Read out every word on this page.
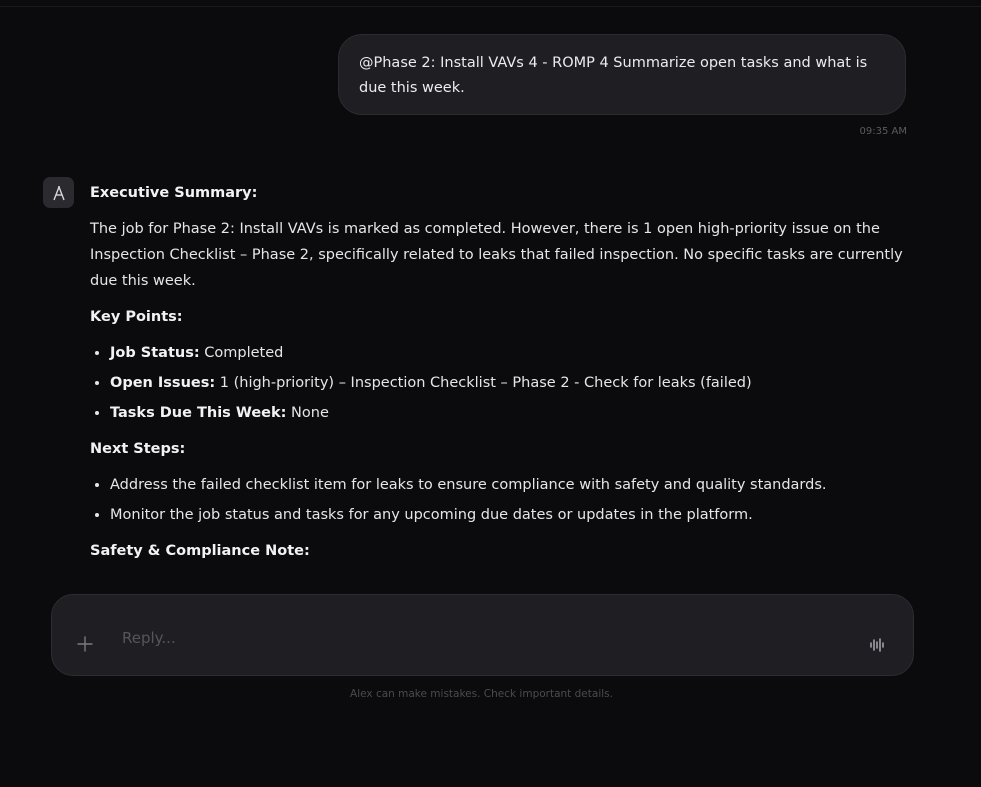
@Phase 2: Install VAVs 4 - ROMP 4 Summarize open tasks and what is due this week.
09:35 AM
Executive Summary:
The job for Phase 2: Install VAVs is marked as completed. However, there is 1 open high-priority issue on the Inspection Checklist – Phase 2, specifically related to leaks that failed inspection. No specific tasks are currently due this week.
Key Points:
• Job Status: Completed
• Open Issues: 1 (high-priority) – Inspection Checklist – Phase 2 - Check for leaks (failed)
• Tasks Due This Week: None
Next Steps:
• Address the failed checklist item for leaks to ensure compliance with safety and quality standards.
• Monitor the job status and tasks for any upcoming due dates or updates in the platform.
Safety & Compliance Note:
Reply...
Alex can make mistakes. Check important details.
